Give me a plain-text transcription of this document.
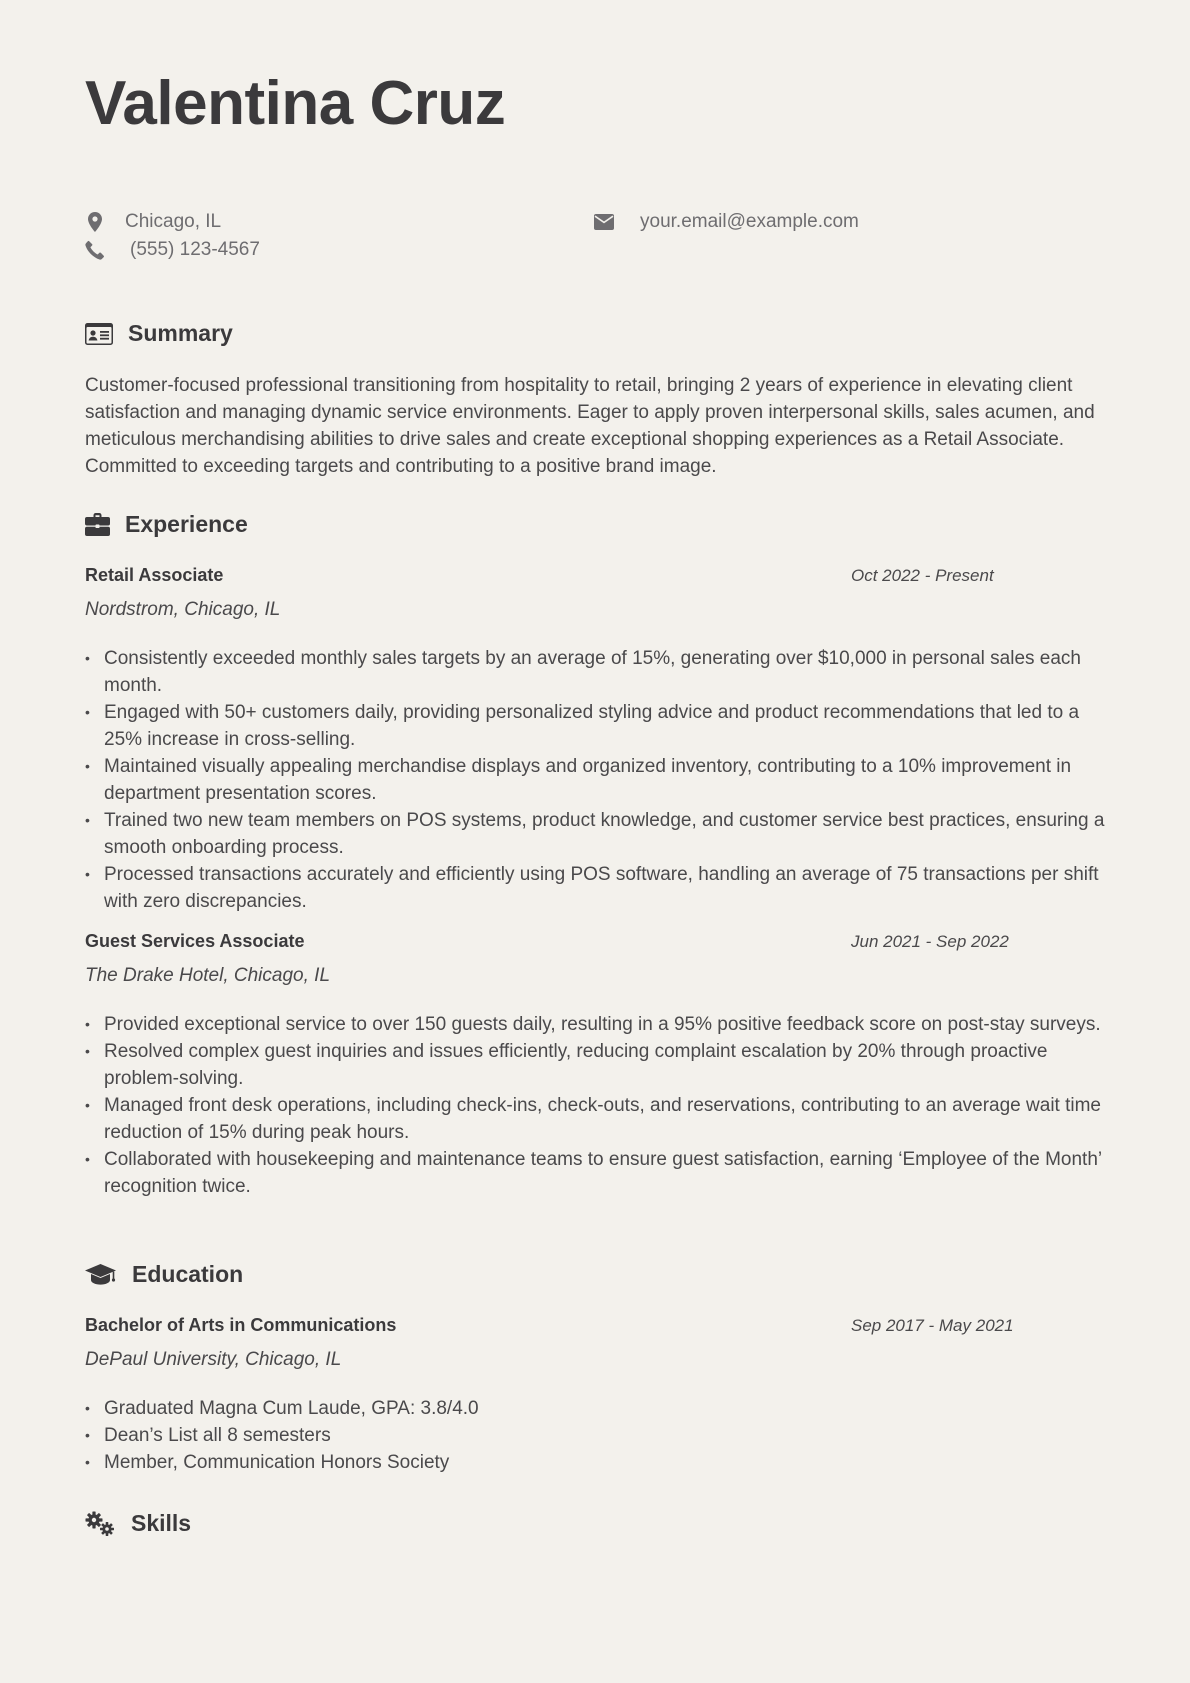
Valentina Cruz
Chicago, IL
(555) 123-4567
your.email@example.com
Summary

Customer-focused professional transitioning from hospitality to retail, bringing 2 years of experience in elevating client satisfaction and managing dynamic service environments. Eager to apply proven interpersonal skills, sales acumen, and meticulous merchandising abilities to drive sales and create exceptional shopping experiences as a Retail Associate. Committed to exceeding targets and contributing to a positive brand image.

Experience
Retail Associate	Oct 2022 - Present
Nordstrom, Chicago, IL
• Consistently exceeded monthly sales targets by an average of 15%, generating over $10,000 in personal sales each month.
• Engaged with 50+ customers daily, providing personalized styling advice and product recommendations that led to a 25% increase in cross-selling.
• Maintained visually appealing merchandise displays and organized inventory, contributing to a 10% improvement in department presentation scores.
• Trained two new team members on POS systems, product knowledge, and customer service best practices, ensuring a smooth onboarding process.
• Processed transactions accurately and efficiently using POS software, handling an average of 75 transactions per shift with zero discrepancies.
Guest Services Associate	Jun 2021 - Sep 2022
The Drake Hotel, Chicago, IL
• Provided exceptional service to over 150 guests daily, resulting in a 95% positive feedback score on post-stay surveys.
• Resolved complex guest inquiries and issues efficiently, reducing complaint escalation by 20% through proactive problem-solving.
• Managed front desk operations, including check-ins, check-outs, and reservations, contributing to an average wait time reduction of 15% during peak hours.
• Collaborated with housekeeping and maintenance teams to ensure guest satisfaction, earning ‘Employee of the Month’ recognition twice.
Education
Bachelor of Arts in Communications	Sep 2017 - May 2021
DePaul University, Chicago, IL
• Graduated Magna Cum Laude, GPA: 3.8/4.0
• Dean’s List all 8 semesters
• Member, Communication Honors Society
Skills
